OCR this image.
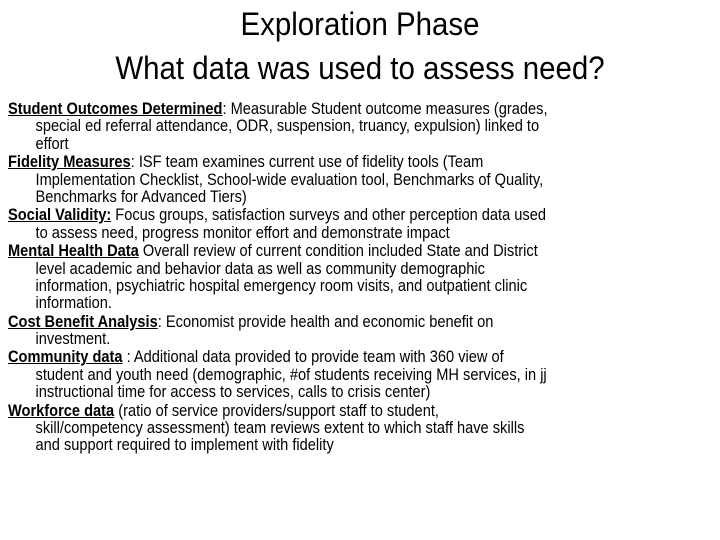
Exploration Phase
What data was used to assess need?
Student Outcomes Determined: Measurable Student outcome measures (grades,
special ed referral attendance, ODR, suspension, truancy, expulsion) linked to
effort
Fidelity Measures: ISF team examines current use of fidelity tools (Team
Implementation Checklist, School-wide evaluation tool, Benchmarks of Quality,
Benchmarks for Advanced Tiers)
Social Validity: Focus groups, satisfaction surveys and other perception data used
to assess need, progress monitor effort and demonstrate impact
Mental Health Data Overall review of current condition included State and District
level academic and behavior data as well as community demographic
information, psychiatric hospital emergency room visits, and outpatient clinic
information.
Cost Benefit Analysis: Economist provide health and economic benefit on
investment.
Community data : Additional data provided to provide team with 360 view of
student and youth need (demographic, #of students receiving MH services, in jj
instructional time for access to services, calls to crisis center)
Workforce data (ratio of service providers/support staff to student,
skill/competency assessment) team reviews extent to which staff have skills
and support required to implement with fidelity
